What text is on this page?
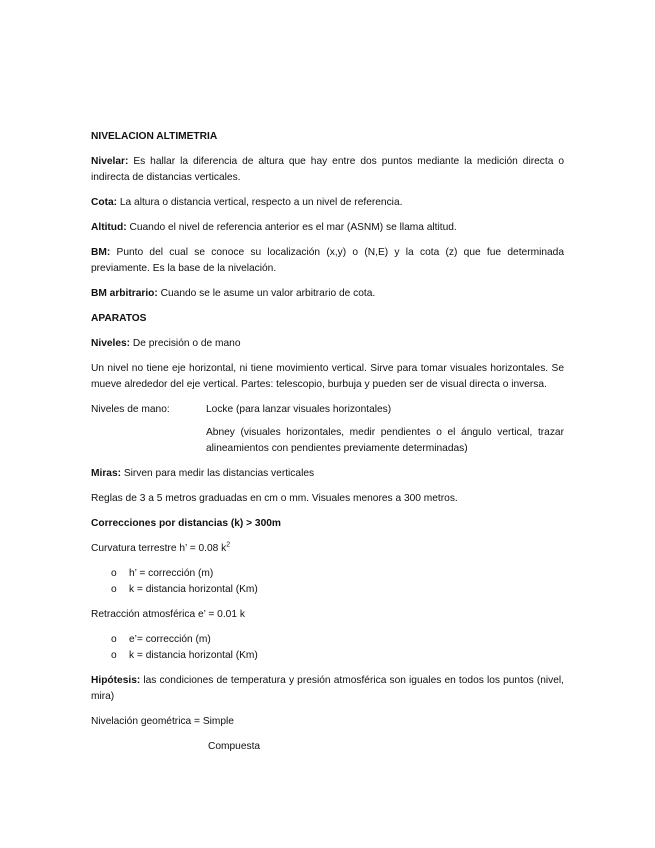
NIVELACION ALTIMETRIA

Nivelar: Es hallar la diferencia de altura que hay entre dos puntos mediante la medición directa o indirecta de distancias verticales.

Cota: La altura o distancia vertical, respecto a un nivel de referencia.

Altitud: Cuando el nivel de referencia anterior es el mar (ASNM) se llama altitud.

BM: Punto del cual se conoce su localización (x,y) o (N,E) y la cota (z) que fue determinada previamente. Es la base de la nivelación.

BM arbitrario: Cuando se le asume un valor arbitrario de cota.

APARATOS

Niveles: De precisión o de mano

Un nivel no tiene eje horizontal, ni tiene movimiento vertical. Sirve para tomar visuales horizontales. Se mueve alrededor del eje vertical. Partes: telescopio, burbuja y pueden ser de visual directa o inversa.

Niveles de mano:	Locke (para lanzar visuales horizontales)

Abney (visuales horizontales, medir pendientes o el ángulo vertical, trazar alineamientos con pendientes previamente determinadas)

Miras: Sirven para medir las distancias verticales

Reglas de 3 a 5 metros graduadas en cm o mm. Visuales menores a 300 metros.

Correcciones por distancias (k) > 300m

Curvatura terrestre h’ = 0.08 $k^2$

o h’ = corrección (m)
o k = distancia horizontal (Km)

Retracción atmosférica e’ = 0.01 k

o e’= corrección (m)
o k = distancia horizontal (Km)

Hipótesis: las condiciones de temperatura y presión atmosférica son iguales en todos los puntos (nivel, mira)

Nivelación geométrica = Simple

Compuesta
